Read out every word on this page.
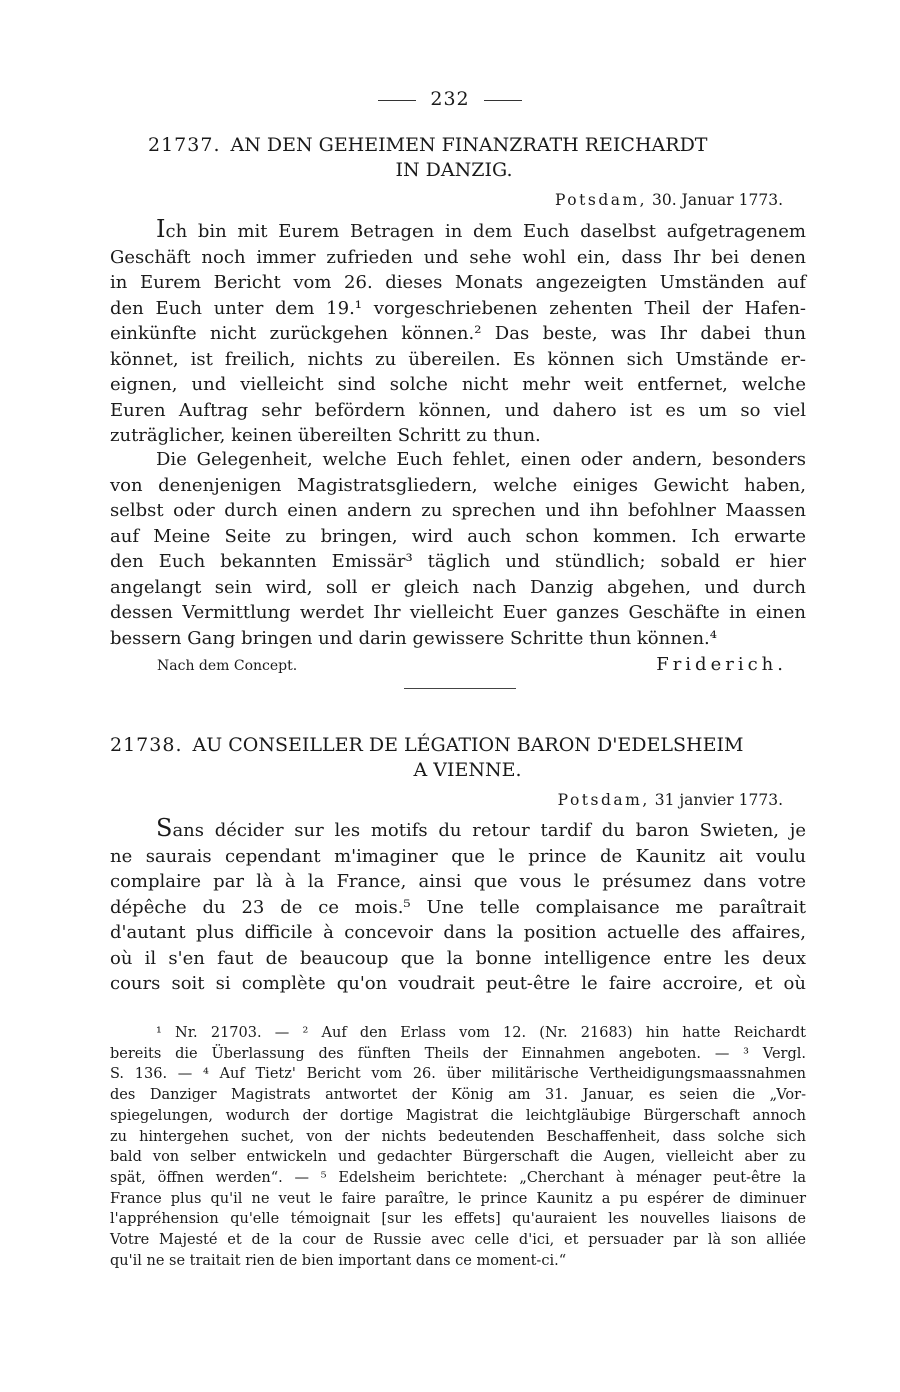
232
21737. AN DEN GEHEIMEN FINANZRATH REICHARDT
IN DANZIG.
Potsdam, 30. Januar 1773.
Ich bin mit Eurem Betragen in dem Euch daselbst aufgetragenem
Geschäft noch immer zufrieden und sehe wohl ein, dass Ihr bei denen
in Eurem Bericht vom 26. dieses Monats angezeigten Umständen auf
den Euch unter dem 19.¹ vorgeschriebenen zehenten Theil der Hafen-
einkünfte nicht zurückgehen können.² Das beste, was Ihr dabei thun
könnet, ist freilich, nichts zu übereilen. Es können sich Umstände er-
eignen, und vielleicht sind solche nicht mehr weit entfernet, welche
Euren Auftrag sehr befördern können, und dahero ist es um so viel
zuträglicher, keinen übereilten Schritt zu thun.
Die Gelegenheit, welche Euch fehlet, einen oder andern, besonders
von denenjenigen Magistratsgliedern, welche einiges Gewicht haben,
selbst oder durch einen andern zu sprechen und ihn befohlner Maassen
auf Meine Seite zu bringen, wird auch schon kommen. Ich erwarte
den Euch bekannten Emissär³ täglich und stündlich; sobald er hier
angelangt sein wird, soll er gleich nach Danzig abgehen, und durch
dessen Vermittlung werdet Ihr vielleicht Euer ganzes Geschäfte in einen
bessern Gang bringen und darin gewissere Schritte thun können.⁴
Nach dem Concept.	Friderich.
21738. AU CONSEILLER DE LÉGATION BARON D'EDELSHEIM
A VIENNE.
Potsdam, 31 janvier 1773.
Sans décider sur les motifs du retour tardif du baron Swieten, je
ne saurais cependant m'imaginer que le prince de Kaunitz ait voulu
complaire par là à la France, ainsi que vous le présumez dans votre
dépêche du 23 de ce mois.⁵ Une telle complaisance me paraîtrait
d'autant plus difficile à concevoir dans la position actuelle des affaires,
où il s'en faut de beaucoup que la bonne intelligence entre les deux
cours soit si complète qu'on voudrait peut-être le faire accroire, et où
¹ Nr. 21703. — ² Auf den Erlass vom 12. (Nr. 21683) hin hatte Reichardt
bereits die Überlassung des fünften Theils der Einnahmen angeboten. — ³ Vergl.
S. 136. — ⁴ Auf Tietz' Bericht vom 26. über militärische Vertheidigungsmaassnahmen
des Danziger Magistrats antwortet der König am 31. Januar, es seien die „Vor-
spiegelungen, wodurch der dortige Magistrat die leichtgläubige Bürgerschaft annoch
zu hintergehen suchet, von der nichts bedeutenden Beschaffenheit, dass solche sich
bald von selber entwickeln und gedachter Bürgerschaft die Augen, vielleicht aber zu
spät, öffnen werden“. — ⁵ Edelsheim berichtete: „Cherchant à ménager peut-être la
France plus qu'il ne veut le faire paraître, le prince Kaunitz a pu espérer de diminuer
l'appréhension qu'elle témoignait [sur les effets] qu'auraient les nouvelles liaisons de
Votre Majesté et de la cour de Russie avec celle d'ici, et persuader par là son alliée
qu'il ne se traitait rien de bien important dans ce moment-ci.“
